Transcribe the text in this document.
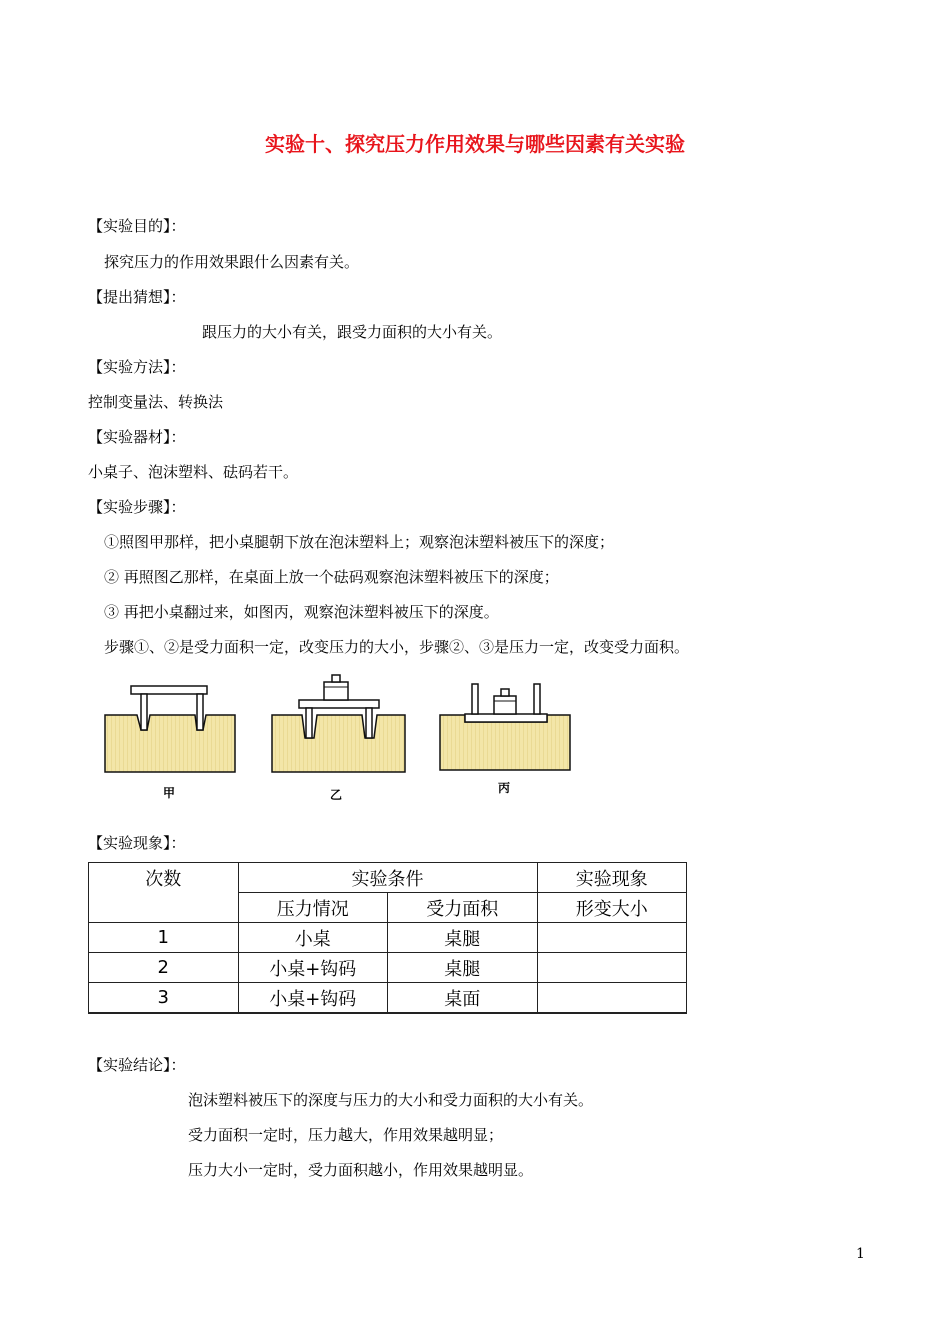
实验十、探究压力作用效果与哪些因素有关实验
【实验目的】：
探究压力的作用效果跟什么因素有关。
【提出猜想】：
跟压力的大小有关，跟受力面积的大小有关。
【实验方法】：
控制变量法、转换法
【实验器材】：
小桌子、泡沫塑料、砝码若干。
【实验步骤】：
①照图甲那样，把小桌腿朝下放在泡沫塑料上；观察泡沫塑料被压下的深度；
② 再照图乙那样，在桌面上放一个砝码观察泡沫塑料被压下的深度；
③ 再把小桌翻过来，如图丙，观察泡沫塑料被压下的深度。
步骤①、②是受力面积一定，改变压力的大小，步骤②、③是压力一定，改变受力面积。
甲	乙	丙
【实验现象】：
次数	实验条件		实验现象
	压力情况	受力面积	形变大小
1	小桌	桌腿	
2	小桌+钩码	桌腿	
3	小桌+钩码	桌面	
【实验结论】：
泡沫塑料被压下的深度与压力的大小和受力面积的大小有关。
受力面积一定时，压力越大，作用效果越明显；
压力大小一定时，受力面积越小，作用效果越明显。
1
